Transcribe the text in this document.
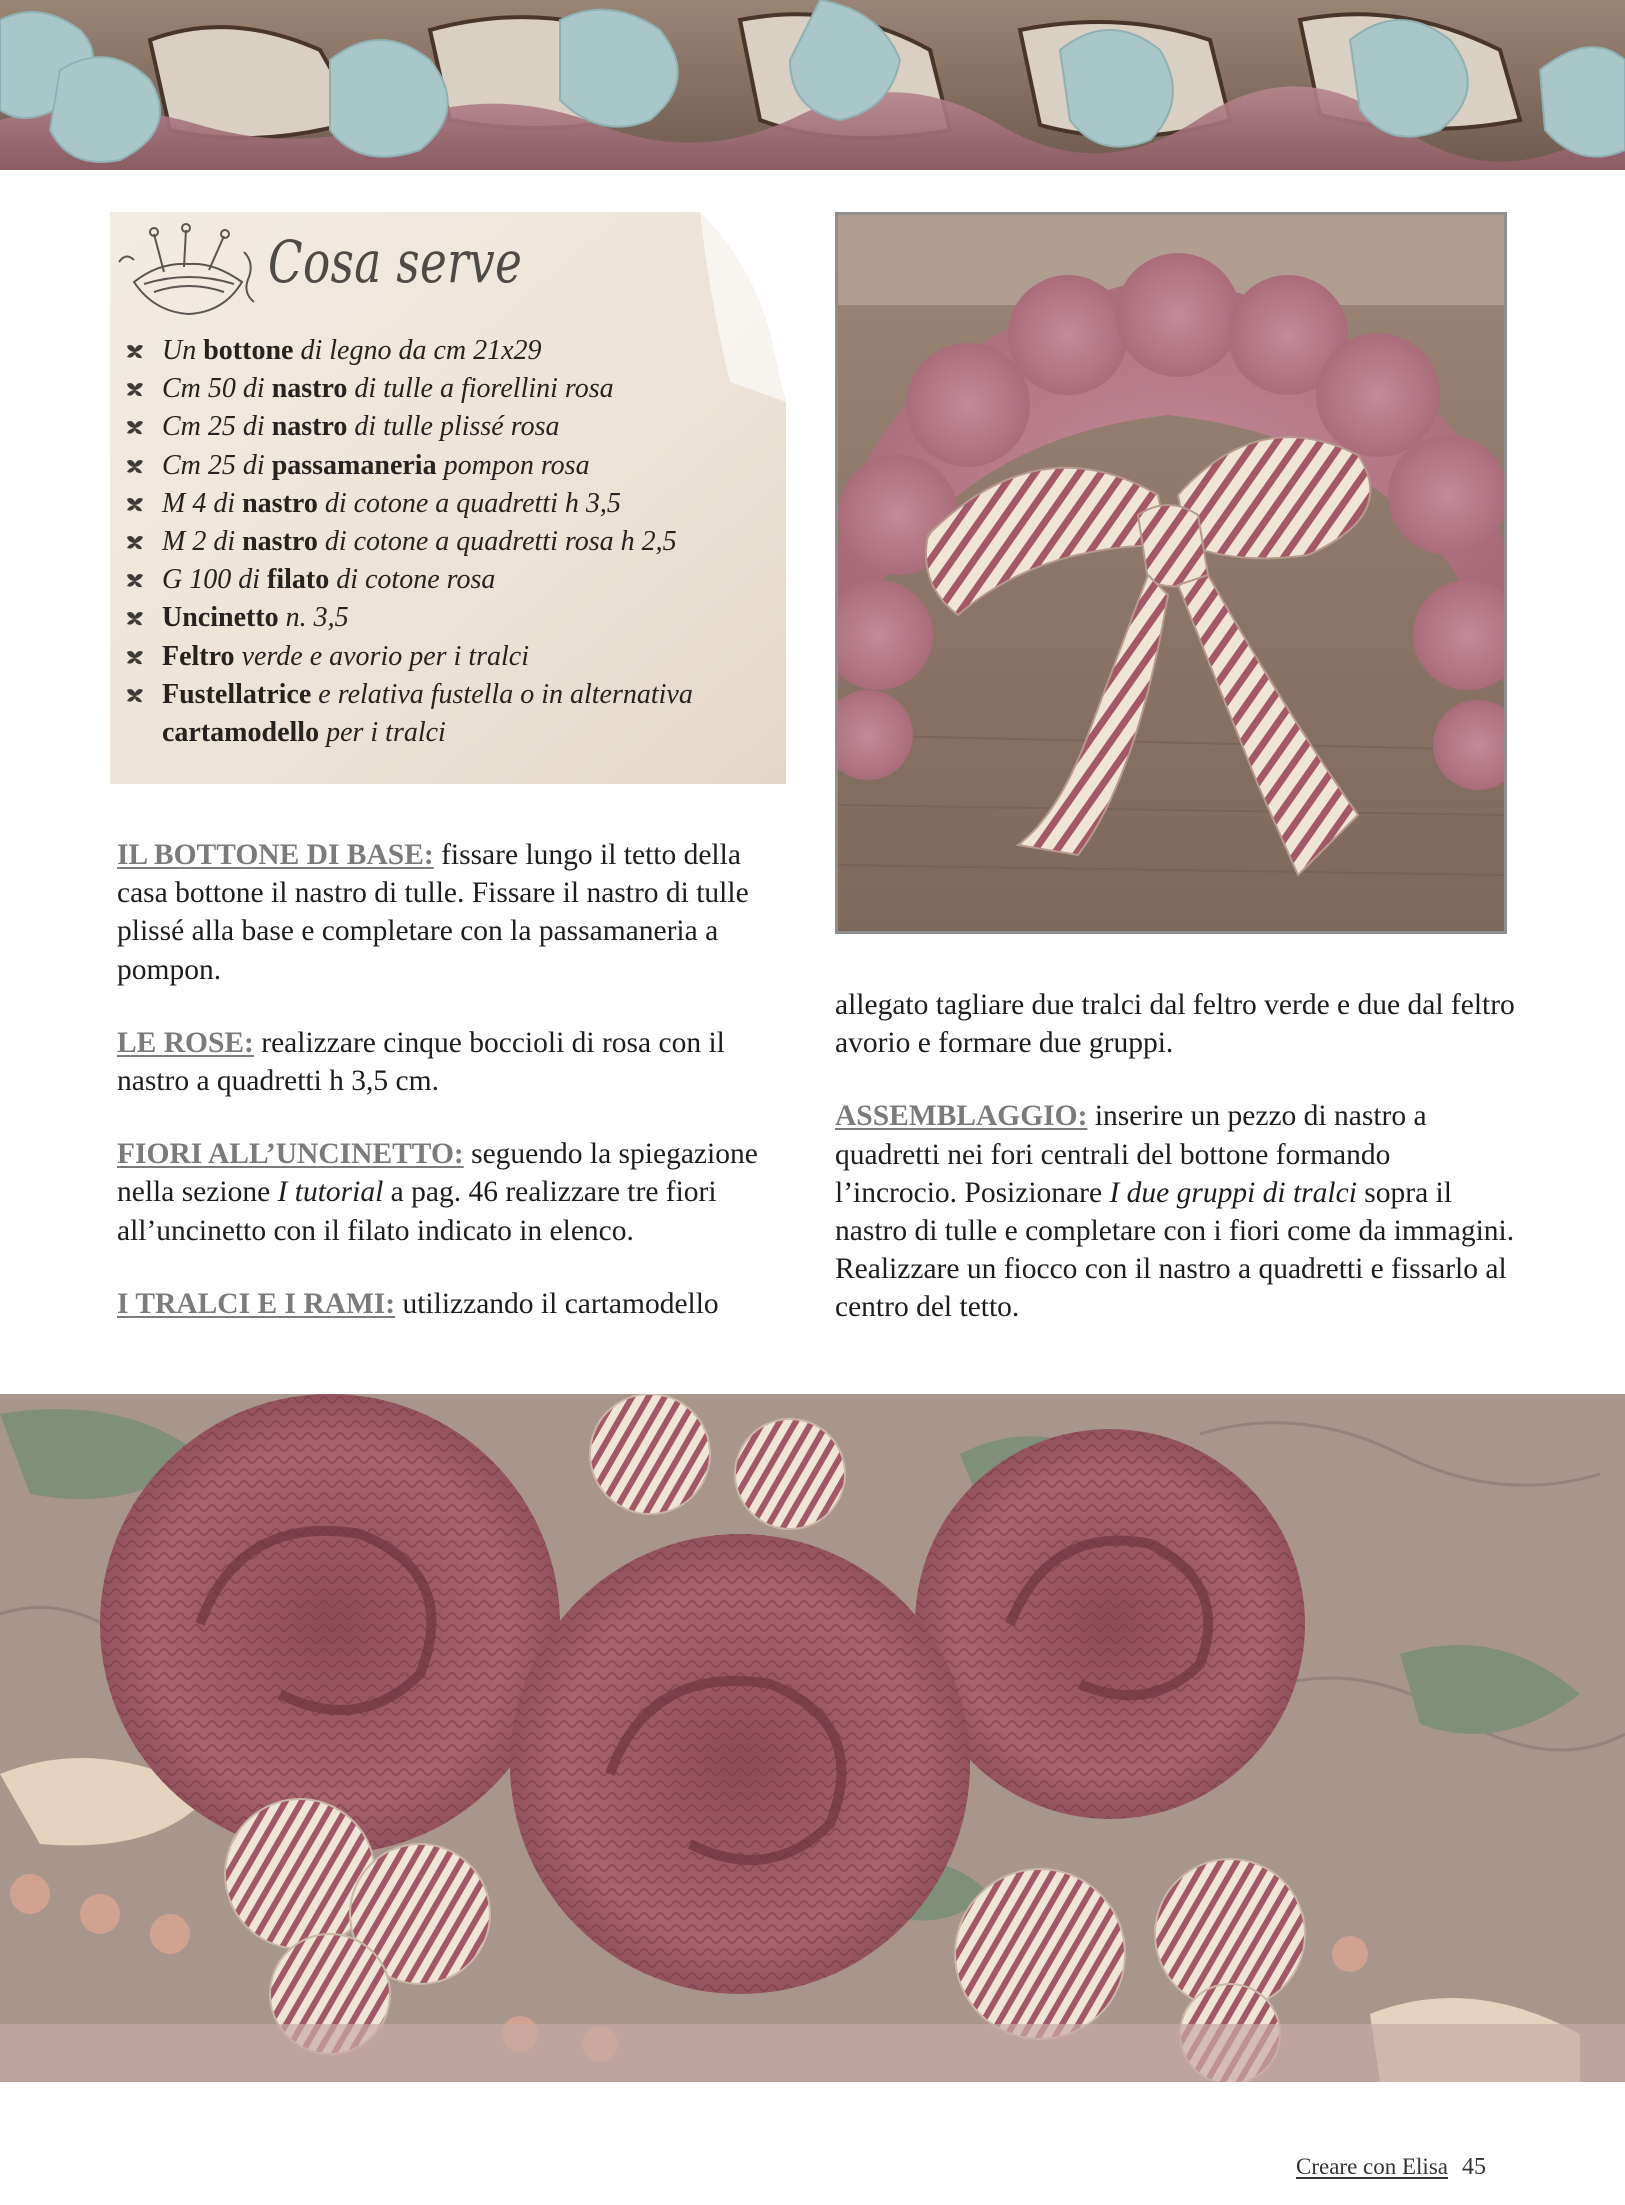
Cosa serve
Un bottone di legno da cm 21x29
Cm 50 di nastro di tulle a fiorellini rosa
Cm 25 di nastro di tulle plissé rosa
Cm 25 di passamaneria pompon rosa
M 4 di nastro di cotone a quadretti h 3,5
M 2 di nastro di cotone a quadretti rosa h 2,5
G 100 di filato di cotone rosa
Uncinetto n. 3,5
Feltro verde e avorio per i tralci
Fustellatrice e relativa fustella o in alternativa cartamodello per i tralci

IL BOTTONE DI BASE: fissare lungo il tetto della casa bottone il nastro di tulle. Fissare il nastro di tulle plissé alla base e completare con la passamaneria a pompon.

LE ROSE: realizzare cinque boccioli di rosa con il nastro a quadretti h 3,5 cm.

FIORI ALL’UNCINETTO: seguendo la spiegazione nella sezione I tutorial a pag. 46 realizzare tre fiori all’uncinetto con il filato indicato in elenco.

I TRALCI E I RAMI: utilizzando il cartamodello

allegato tagliare due tralci dal feltro verde e due dal feltro avorio e formare due gruppi.

ASSEMBLAGGIO: inserire un pezzo di nastro a quadretti nei fori centrali del bottone formando l’incrocio. Posizionare I due gruppi di tralci sopra il nastro di tulle e completare con i fiori come da immagini.

Realizzare un fiocco con il nastro a quadretti e fissarlo al centro del tetto.

Creare con Elisa 45
